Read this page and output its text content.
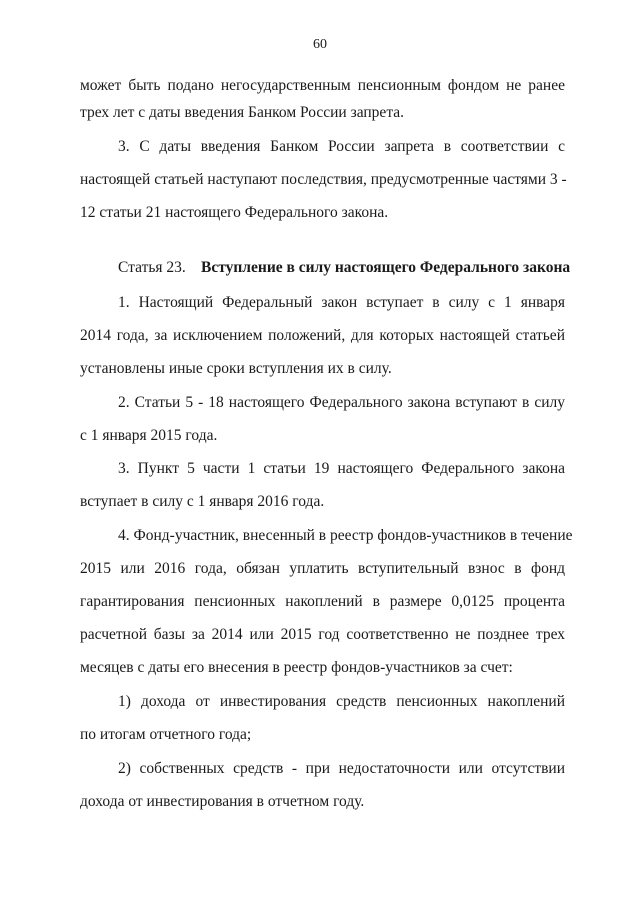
60
может быть подано негосударственным пенсионным фондом не ранее
трех лет с даты введения Банком России запрета.
3. С даты введения Банком России запрета в соответствии с
настоящей статьей наступают последствия, предусмотренные частями 3 -
12 статьи 21 настоящего Федерального закона.
Статья 23. Вступление в силу настоящего Федерального закона
1. Настоящий Федеральный закон вступает в силу с 1 января
2014 года, за исключением положений, для которых настоящей статьей
установлены иные сроки вступления их в силу.
2. Статьи 5 - 18 настоящего Федерального закона вступают в силу
с 1 января 2015 года.
3. Пункт 5 части 1 статьи 19 настоящего Федерального закона
вступает в силу с 1 января 2016 года.
4. Фонд-участник, внесенный в реестр фондов-участников в течение
2015 или 2016 года, обязан уплатить вступительный взнос в фонд
гарантирования пенсионных накоплений в размере 0,0125 процента
расчетной базы за 2014 или 2015 год соответственно не позднее трех
месяцев с даты его внесения в реестр фондов-участников за счет:
1) дохода от инвестирования средств пенсионных накоплений
по итогам отчетного года;
2) собственных средств - при недостаточности или отсутствии
дохода от инвестирования в отчетном году.
